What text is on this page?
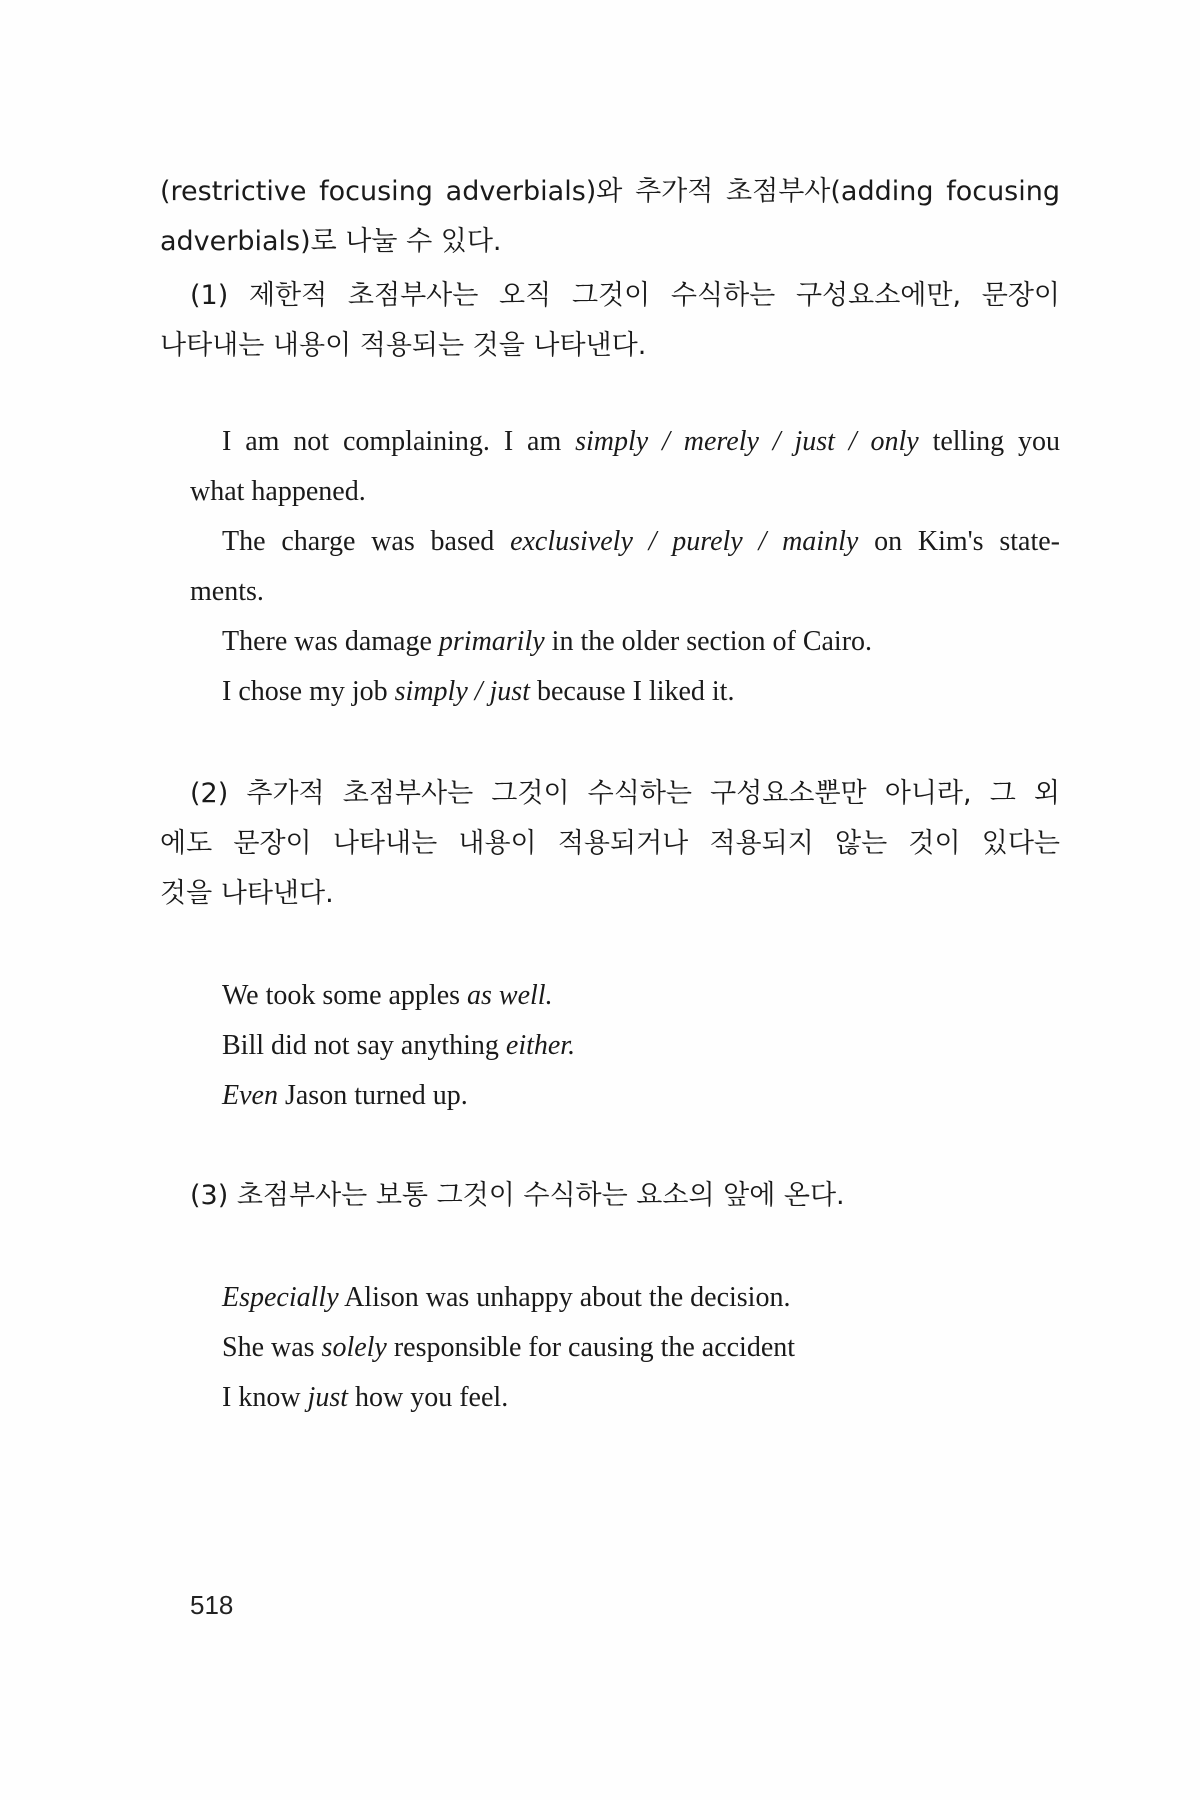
(restrictive focusing adverbials)와 추가적 초점부사(adding focusing
adverbials)로 나눌 수 있다.
(1) 제한적 초점부사는 오직 그것이 수식하는 구성요소에만, 문장이
나타내는 내용이 적용되는 것을 나타낸다.
I am not complaining. I am simply / merely / just / only telling you
what happened.
The charge was based exclusively / purely / mainly on Kim's state-
ments.
There was damage primarily in the older section of Cairo.
I chose my job simply / just because I liked it.
(2) 추가적 초점부사는 그것이 수식하는 구성요소뿐만 아니라, 그 외
에도 문장이 나타내는 내용이 적용되거나 적용되지 않는 것이 있다는
것을 나타낸다.
We took some apples as well.
Bill did not say anything either.
Even Jason turned up.
(3) 초점부사는 보통 그것이 수식하는 요소의 앞에 온다.
Especially Alison was unhappy about the decision.
She was solely responsible for causing the accident
I know just how you feel.
518
